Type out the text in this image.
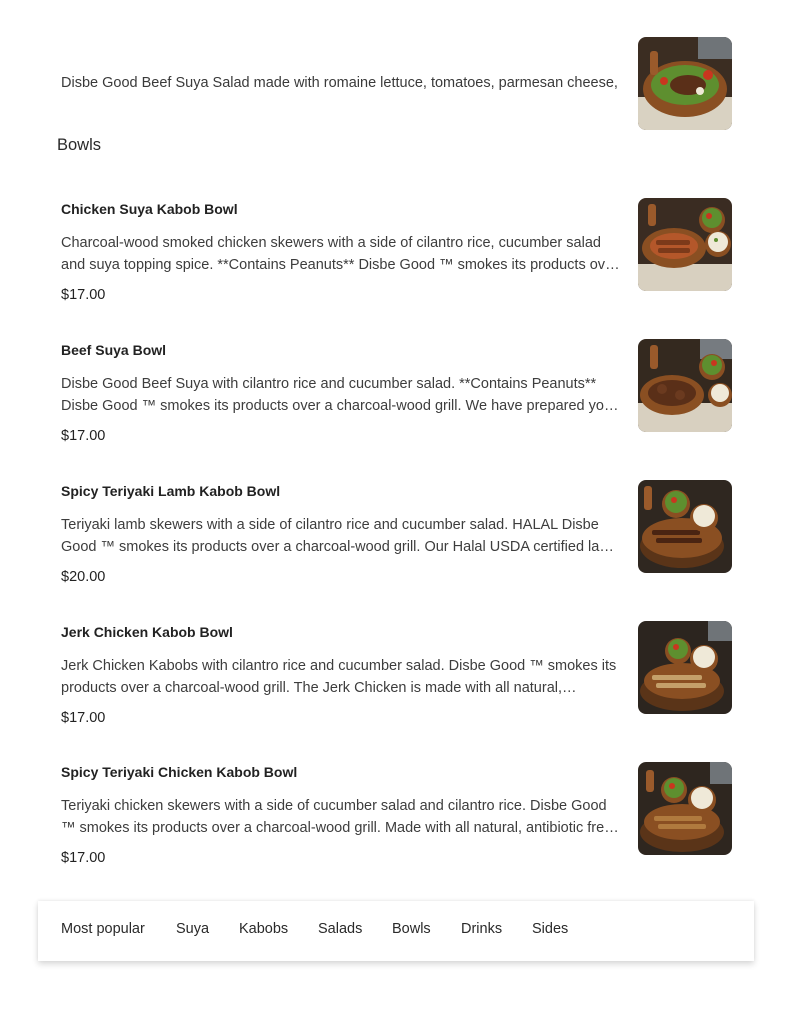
Disbe Good Beef Suya Salad made with romaine lettuce, tomatoes, parmesan cheese,
Bowls
Chicken Suya Kabob Bowl
Charcoal-wood smoked chicken skewers with a side of cilantro rice, cucumber salad and suya topping spice. **Contains Peanuts** Disbe Good ™ smokes its products over
$17.00
Beef Suya Bowl
Disbe Good Beef Suya with cilantro rice and cucumber salad. **Contains Peanuts** Disbe Good ™ smokes its products over a charcoal-wood grill. We have prepared your
$17.00
Spicy Teriyaki Lamb Kabob Bowl
Teriyaki lamb skewers with a side of cilantro rice and cucumber salad. HALAL Disbe Good ™ smokes its products over a charcoal-wood grill. Our Halal USDA certified lamb
$20.00
Jerk Chicken Kabob Bowl
Jerk Chicken Kabobs with cilantro rice and cucumber salad. Disbe Good ™ smokes its products over a charcoal-wood grill. The Jerk Chicken is made with all natural,
$17.00
Spicy Teriyaki Chicken Kabob Bowl
Teriyaki chicken skewers with a side of cucumber salad and cilantro rice. Disbe Good ™ smokes its products over a charcoal-wood grill. Made with all natural, antibiotic free
$17.00
Most popular Suya Kabobs Salads Bowls Drinks Sides
